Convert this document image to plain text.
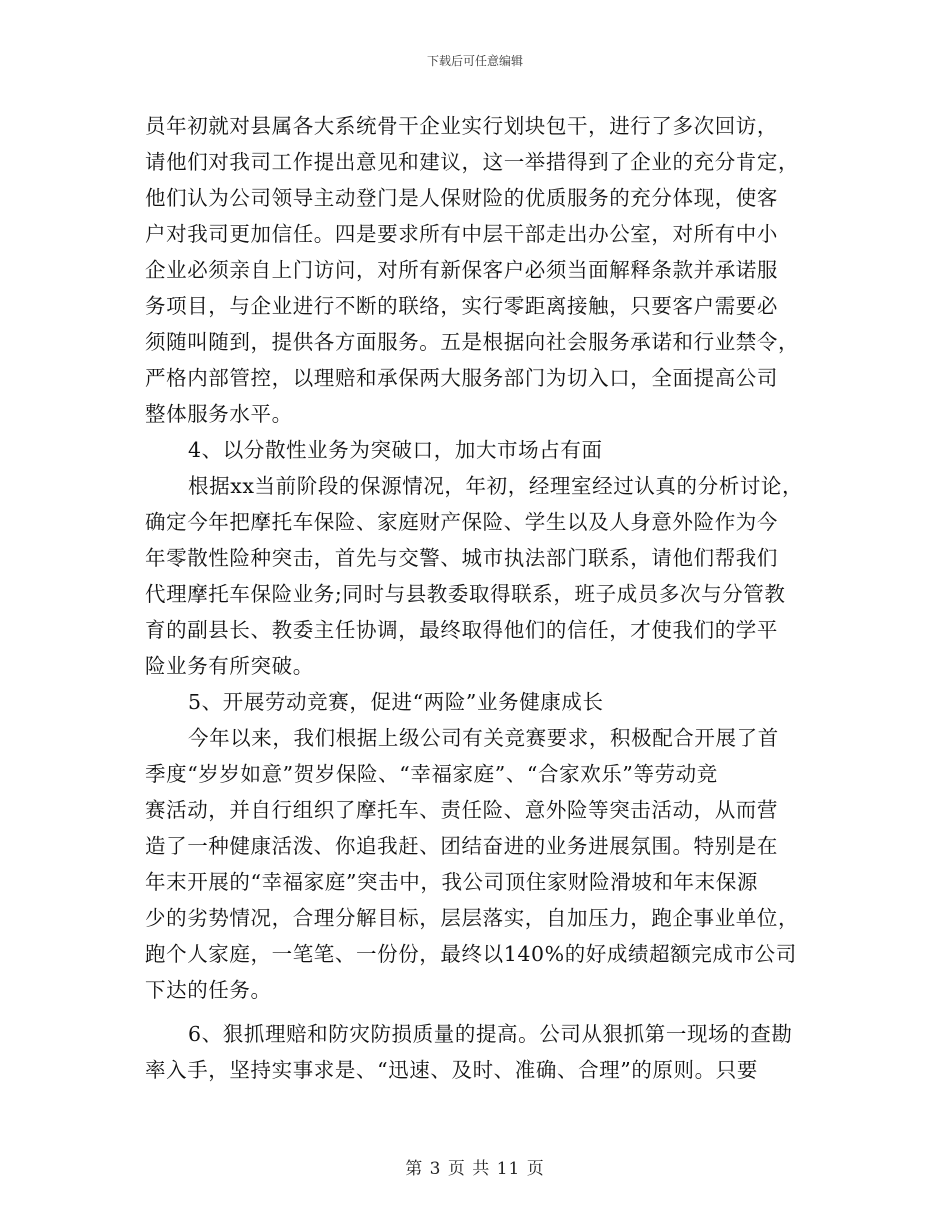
下载后可任意编辑
员年初就对县属各大系统骨干企业实行划块包干，进行了多次回访，
请他们对我司工作提出意见和建议，这一举措得到了企业的充分肯定，
他们认为公司领导主动登门是人保财险的优质服务的充分体现，使客
户对我司更加信任。四是要求所有中层干部走出办公室，对所有中小
企业必须亲自上门访问，对所有新保客户必须当面解释条款并承诺服
务项目，与企业进行不断的联络，实行零距离接触，只要客户需要必
须随叫随到，提供各方面服务。五是根据向社会服务承诺和行业禁令，
严格内部管控，以理赔和承保两大服务部门为切入口，全面提高公司
整体服务水平。
4、以分散性业务为突破口，加大市场占有面
根据xx当前阶段的保源情况，年初，经理室经过认真的分析讨论，
确定今年把摩托车保险、家庭财产保险、学生以及人身意外险作为今
年零散性险种突击，首先与交警、城市执法部门联系，请他们帮我们
代理摩托车保险业务;同时与县教委取得联系，班子成员多次与分管教
育的副县长、教委主任协调，最终取得他们的信任，才使我们的学平
险业务有所突破。
5、开展劳动竞赛，促进“两险”业务健康成长
今年以来，我们根据上级公司有关竞赛要求，积极配合开展了首
季度“岁岁如意”贺岁保险、“幸福家庭”、“合家欢乐”等劳动竞
赛活动，并自行组织了摩托车、责任险、意外险等突击活动，从而营
造了一种健康活泼、你追我赶、团结奋进的业务进展氛围。特别是在
年末开展的“幸福家庭”突击中，我公司顶住家财险滑坡和年末保源
少的劣势情况，合理分解目标，层层落实，自加压力，跑企事业单位，
跑个人家庭，一笔笔、一份份，最终以140%的好成绩超额完成市公司
下达的任务。
6、狠抓理赔和防灾防损质量的提高。公司从狠抓第一现场的查勘
率入手，坚持实事求是、“迅速、及时、准确、合理”的原则。只要
第 3 页 共 11 页
